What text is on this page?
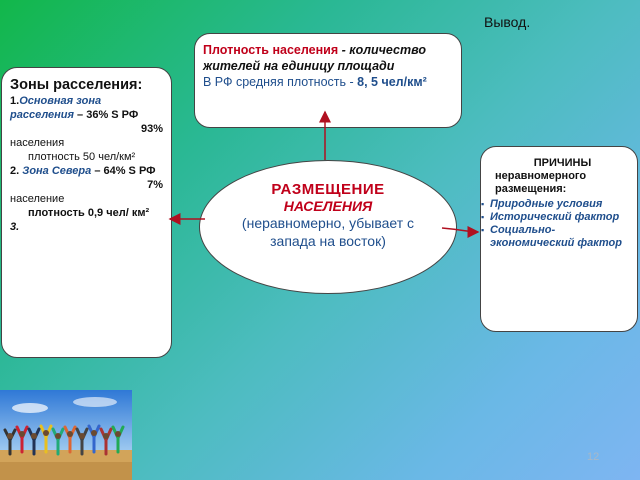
Вывод.
Плотность населения - количество жителей на единицу площади
В РФ средняя плотность - 8, 5 чел/км²
Зоны расселения:
1.Основная зона расселения – 36% S РФ
93%
населения
плотность 50 чел/км²
2. Зона Севера – 64% S РФ
7%
население
плотность 0,9 чел/ км²
3.
РАЗМЕЩЕНИЕ
НАСЕЛЕНИЯ
(неравномерно, убывает с запада на восток)
ПРИЧИНЫ
неравномерного размещения:
▪ Природные условия
▪ Исторический фактор
▪ Социально-экономический фактор
12
